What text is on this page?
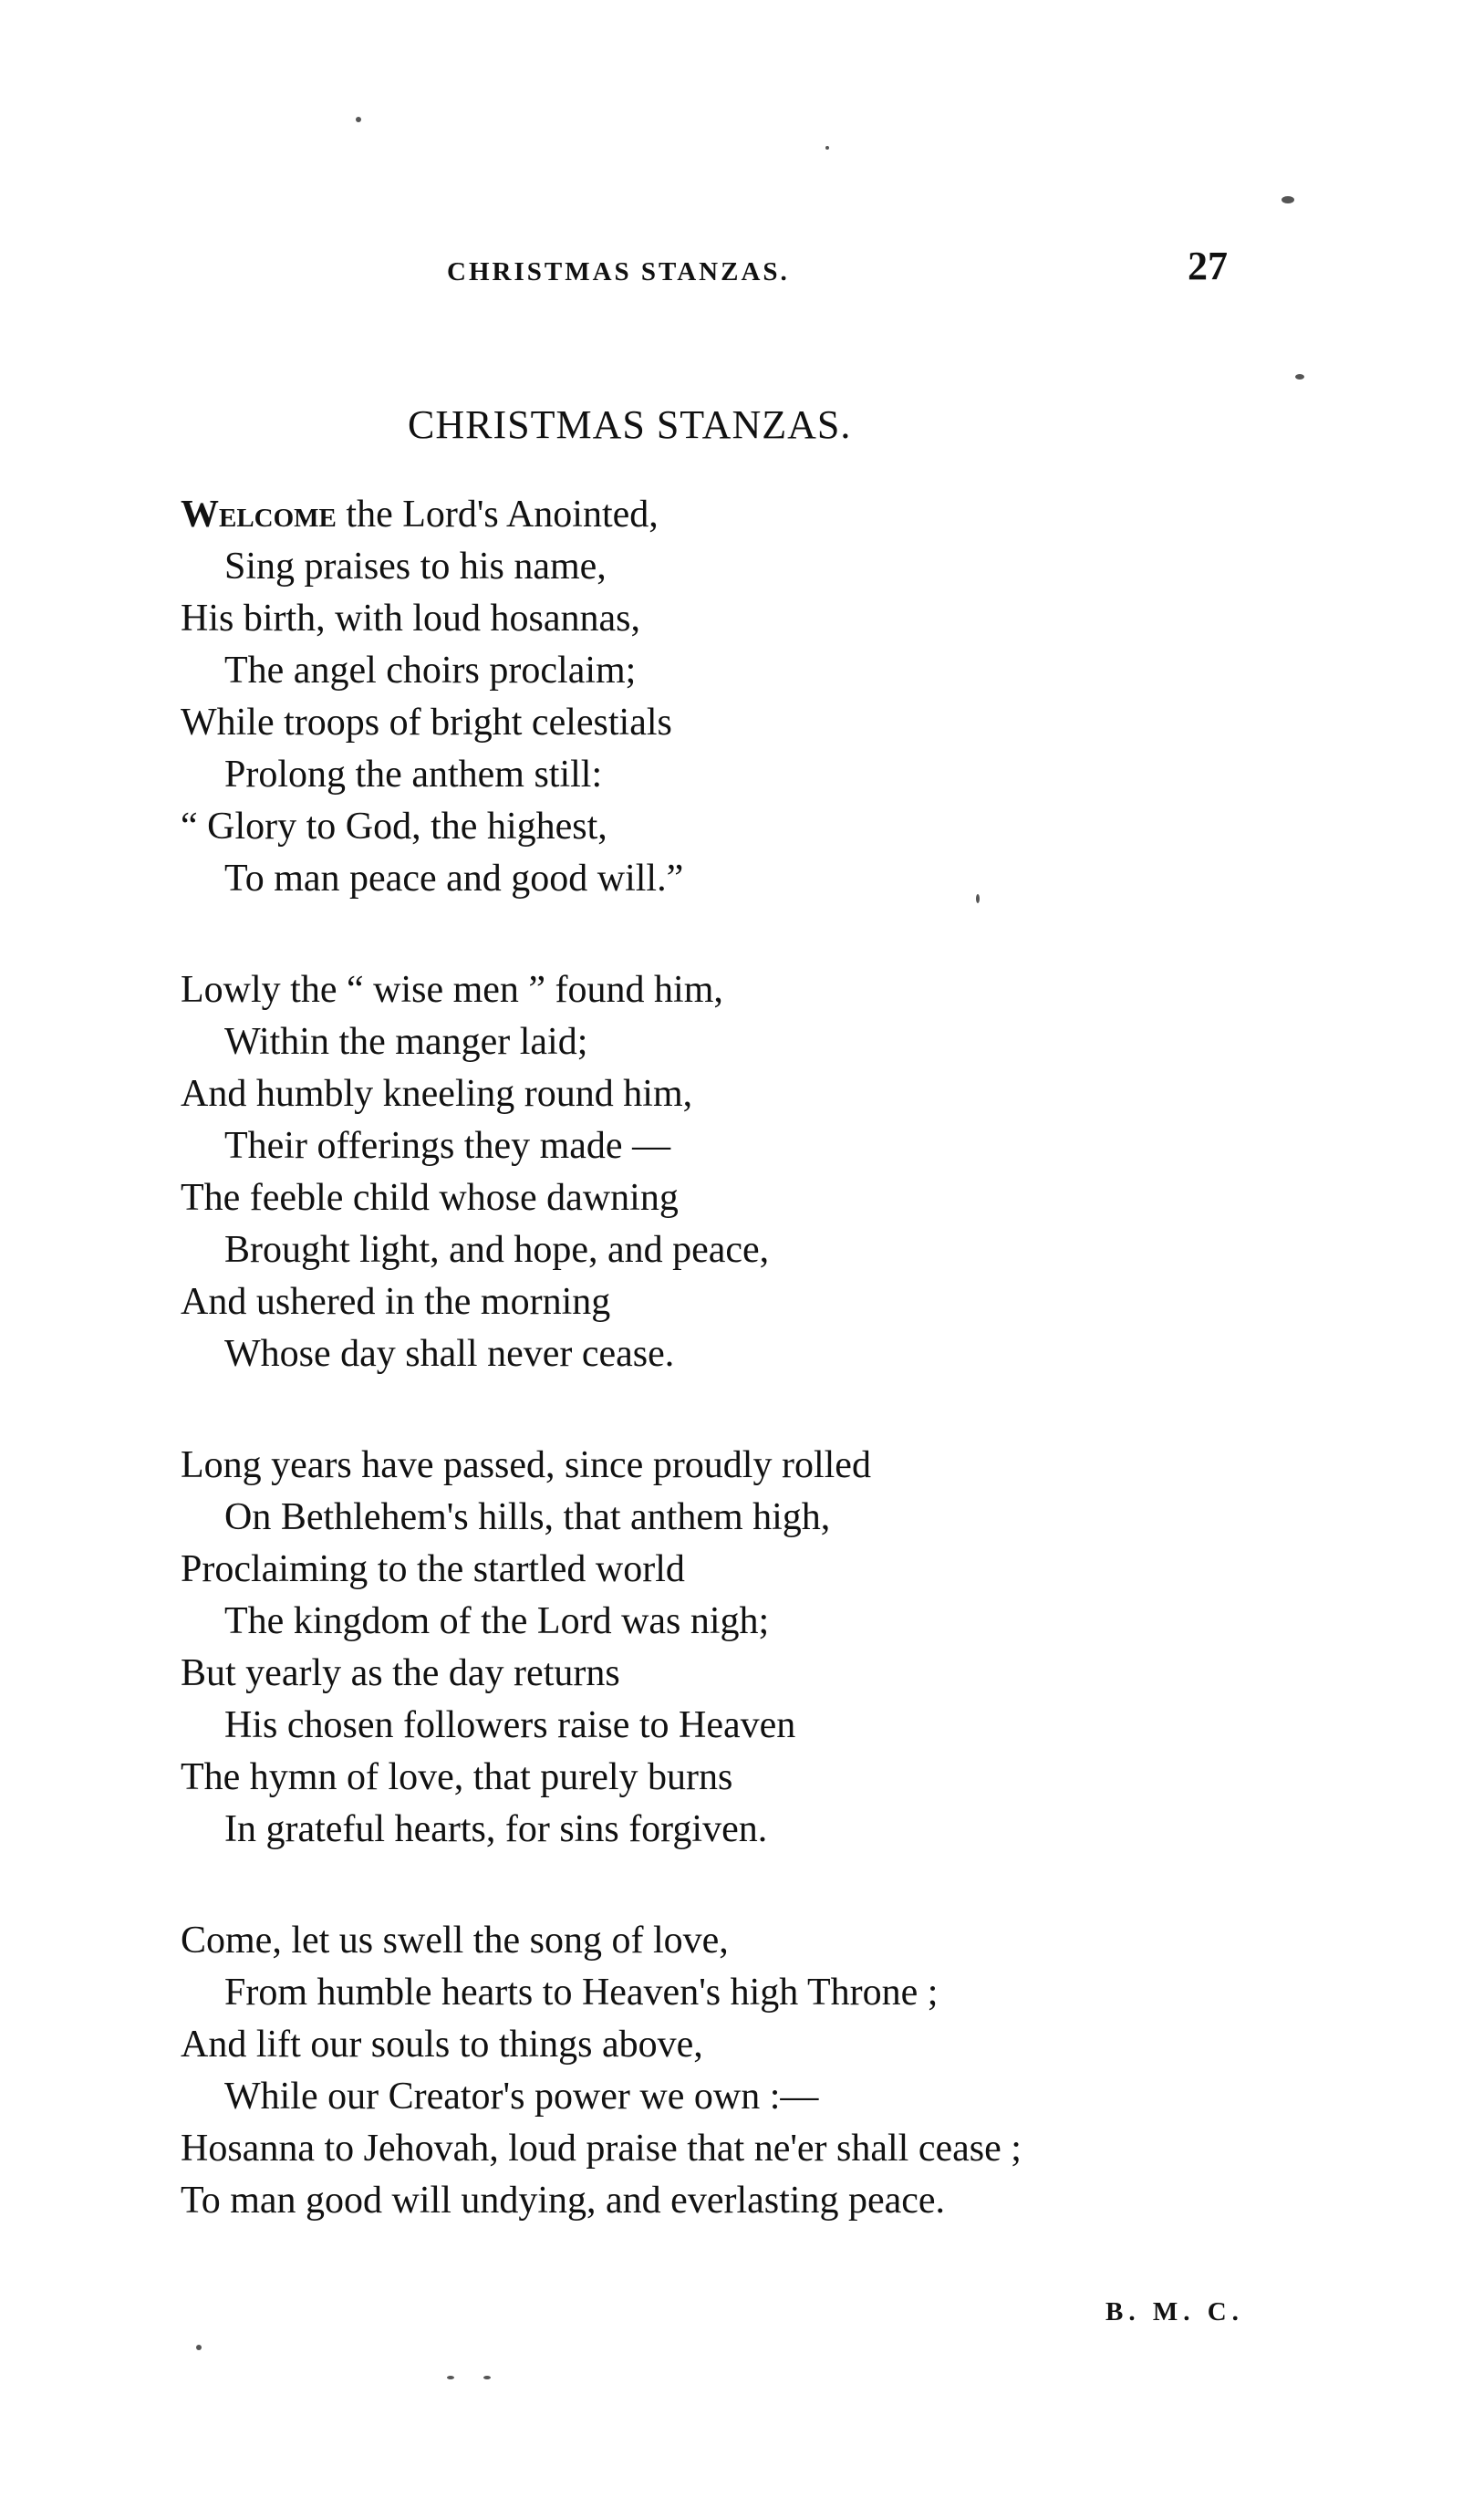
CHRISTMAS STANZAS.	27
CHRISTMAS STANZAS.
Welcome the Lord's Anointed,
Sing praises to his name,
His birth, with loud hosannas,
The angel choirs proclaim;
While troops of bright celestials
Prolong the anthem still:
“ Glory to God, the highest,
To man peace and good will.”
Lowly the “ wise men ” found him,
Within the manger laid;
And humbly kneeling round him,
Their offerings they made —
The feeble child whose dawning
Brought light, and hope, and peace,
And ushered in the morning
Whose day shall never cease.
Long years have passed, since proudly rolled
On Bethlehem's hills, that anthem high,
Proclaiming to the startled world
The kingdom of the Lord was nigh;
But yearly as the day returns
His chosen followers raise to Heaven
The hymn of love, that purely burns
In grateful hearts, for sins forgiven.
Come, let us swell the song of love,
From humble hearts to Heaven's high Throne ;
And lift our souls to things above,
While our Creator's power we own :—
Hosanna to Jehovah, loud praise that ne'er shall cease ;
To man good will undying, and everlasting peace.
B. M. C.
